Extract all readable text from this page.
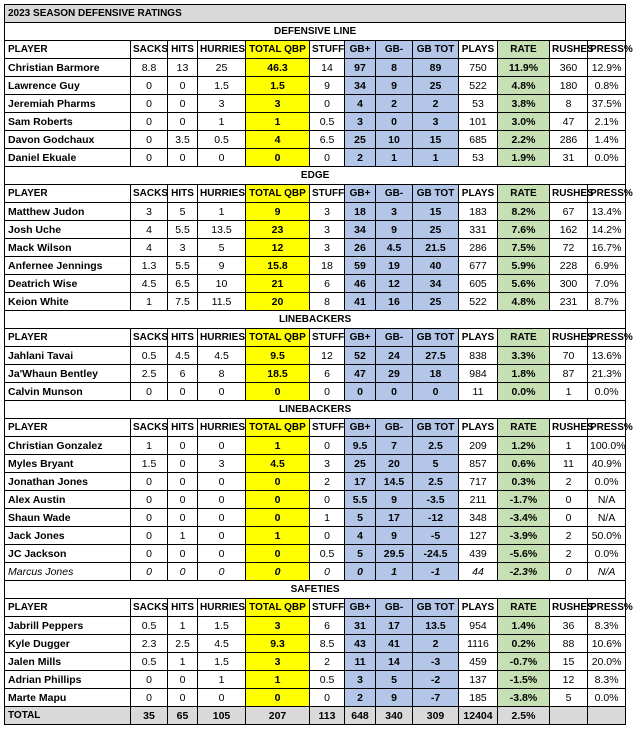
2023 SEASON DEFENSIVE RATINGS												
DEFENSIVE LINE												
PLAYER	SACKS	HITS	HURRIES	TOTAL QBP	STUFF	GB+	GB-	GB TOT	PLAYS	RATE	RUSHES	PRESS%
Christian Barmore	8.8	13	25	46.3	14	97	8	89	750	11.9%	360	12.9%
Lawrence Guy	0	0	1.5	1.5	9	34	9	25	522	4.8%	180	0.8%
Jeremiah Pharms	0	0	3	3	0	4	2	2	53	3.8%	8	37.5%
Sam Roberts	0	0	1	1	0.5	3	0	3	101	3.0%	47	2.1%
Davon Godchaux	0	3.5	0.5	4	6.5	25	10	15	685	2.2%	286	1.4%
Daniel Ekuale	0	0	0	0	0	2	1	1	53	1.9%	31	0.0%
EDGE												
PLAYER	SACKS	HITS	HURRIES	TOTAL QBP	STUFF	GB+	GB-	GB TOT	PLAYS	RATE	RUSHES	PRESS%
Matthew Judon	3	5	1	9	3	18	3	15	183	8.2%	67	13.4%
Josh Uche	4	5.5	13.5	23	3	34	9	25	331	7.6%	162	14.2%
Mack Wilson	4	3	5	12	3	26	4.5	21.5	286	7.5%	72	16.7%
Anfernee Jennings	1.3	5.5	9	15.8	18	59	19	40	677	5.9%	228	6.9%
Deatrich Wise	4.5	6.5	10	21	6	46	12	34	605	5.6%	300	7.0%
Keion White	1	7.5	11.5	20	8	41	16	25	522	4.8%	231	8.7%
LINEBACKERS												
PLAYER	SACKS	HITS	HURRIES	TOTAL QBP	STUFF	GB+	GB-	GB TOT	PLAYS	RATE	RUSHES	PRESS%
Jahlani Tavai	0.5	4.5	4.5	9.5	12	52	24	27.5	838	3.3%	70	13.6%
Ja'Whaun Bentley	2.5	6	8	18.5	6	47	29	18	984	1.8%	87	21.3%
Calvin Munson	0	0	0	0	0	0	0	0	11	0.0%	1	0.0%
LINEBACKERS												
PLAYER	SACKS	HITS	HURRIES	TOTAL QBP	STUFF	GB+	GB-	GB TOT	PLAYS	RATE	RUSHES	PRESS%
Christian Gonzalez	1	0	0	1	0	9.5	7	2.5	209	1.2%	1	100.0%
Myles Bryant	1.5	0	3	4.5	3	25	20	5	857	0.6%	11	40.9%
Jonathan Jones	0	0	0	0	2	17	14.5	2.5	717	0.3%	2	0.0%
Alex Austin	0	0	0	0	0	5.5	9	-3.5	211	-1.7%	0	N/A
Shaun Wade	0	0	0	0	1	5	17	-12	348	-3.4%	0	N/A
Jack Jones	0	1	0	1	0	4	9	-5	127	-3.9%	2	50.0%
JC Jackson	0	0	0	0	0.5	5	29.5	-24.5	439	-5.6%	2	0.0%
Marcus Jones	0	0	0	0	0	0	1	-1	44	-2.3%	0	N/A
SAFETIES												
PLAYER	SACKS	HITS	HURRIES	TOTAL QBP	STUFF	GB+	GB-	GB TOT	PLAYS	RATE	RUSHES	PRESS%
Jabrill Peppers	0.5	1	1.5	3	6	31	17	13.5	954	1.4%	36	8.3%
Kyle Dugger	2.3	2.5	4.5	9.3	8.5	43	41	2	1116	0.2%	88	10.6%
Jalen Mills	0.5	1	1.5	3	2	11	14	-3	459	-0.7%	15	20.0%
Adrian Phillips	0	0	1	1	0.5	3	5	-2	137	-1.5%	12	8.3%
Marte Mapu	0	0	0	0	0	2	9	-7	185	-3.8%	5	0.0%
TOTAL	35	65	105	207	113	648	340	309	12404	2.5%		
